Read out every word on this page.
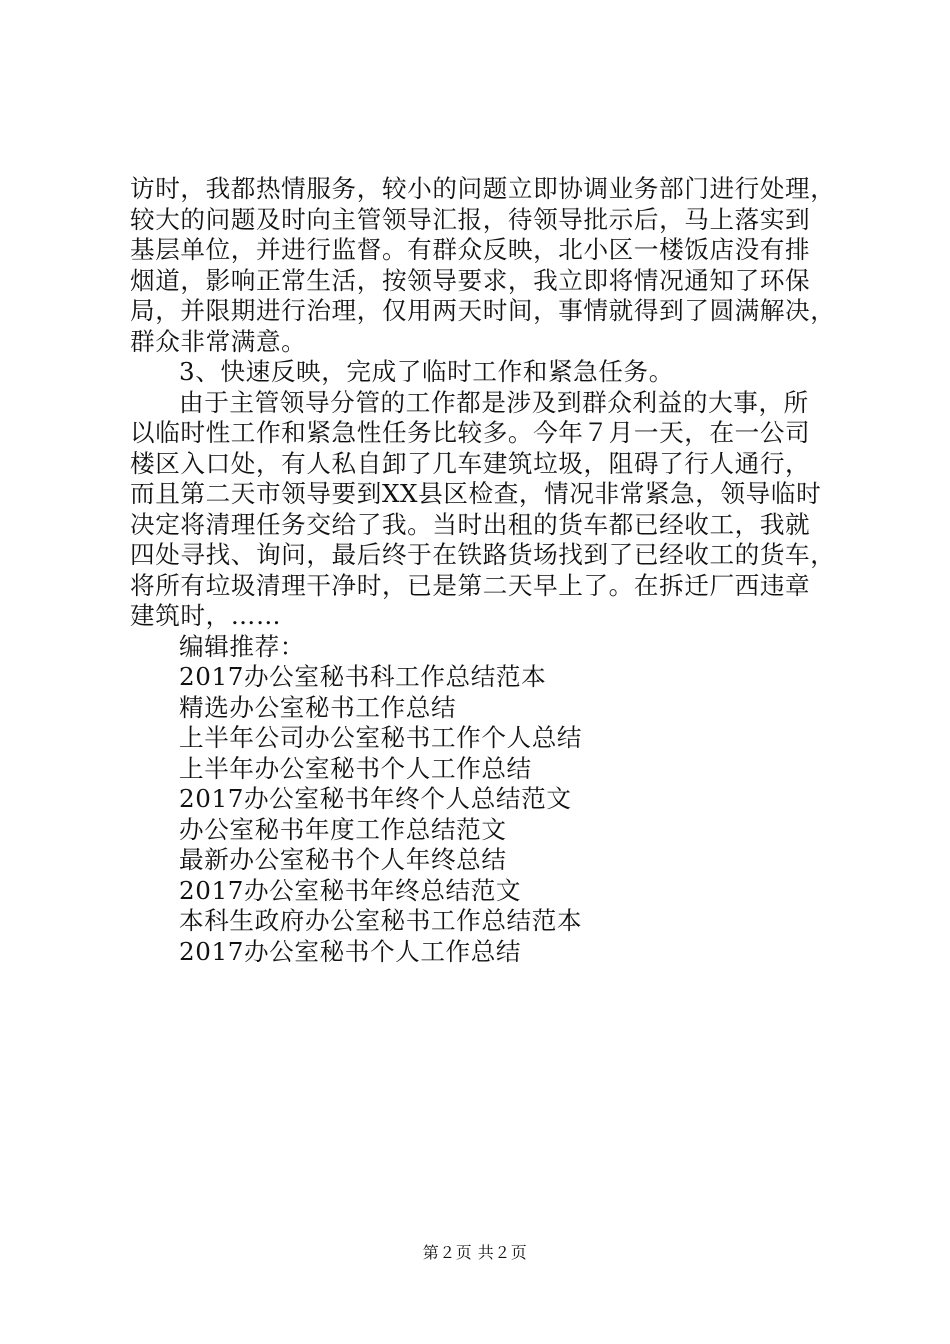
访时，我都热情服务，较小的问题立即协调业务部门进行处理，
较大的问题及时向主管领导汇报，待领导批示后，马上落实到
基层单位，并进行监督。有群众反映，北小区一楼饭店没有排
烟道，影响正常生活，按领导要求，我立即将情况通知了环保
局，并限期进行治理，仅用两天时间，事情就得到了圆满解决，
群众非常满意。
3、快速反映，完成了临时工作和紧急任务。
由于主管领导分管的工作都是涉及到群众利益的大事，所
以临时性工作和紧急性任务比较多。今年７月一天，在一公司
楼区入口处，有人私自卸了几车建筑垃圾，阻碍了行人通行，
而且第二天市领导要到XX县区检查，情况非常紧急，领导临时
决定将清理任务交给了我。当时出租的货车都已经收工，我就
四处寻找、询问，最后终于在铁路货场找到了已经收工的货车，
将所有垃圾清理干净时，已是第二天早上了。在拆迁厂西违章
建筑时，……
编辑推荐：
2017办公室秘书科工作总结范本
精选办公室秘书工作总结
上半年公司办公室秘书工作个人总结
上半年办公室秘书个人工作总结
2017办公室秘书年终个人总结范文
办公室秘书年度工作总结范文
最新办公室秘书个人年终总结
2017办公室秘书年终总结范文
本科生政府办公室秘书工作总结范本
2017办公室秘书个人工作总结
第２页 共２页
